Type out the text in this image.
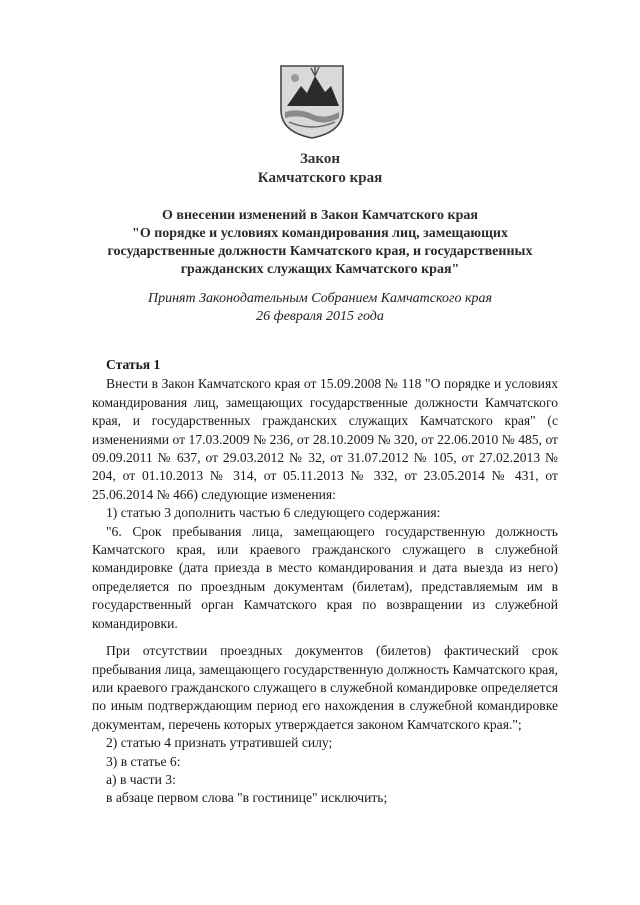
Закон
Камчатского края
О внесении изменений в Закон Камчатского края
"О порядке и условиях командирования лиц, замещающих
государственные должности Камчатского края, и государственных
гражданских служащих Камчатского края"
Принят Законодательным Собранием Камчатского края
26 февраля 2015 года
Статья 1

Внести в Закон Камчатского края от 15.09.2008 № 118 "О порядке и условиях командирования лиц, замещающих государственные должности Камчатского края, и государственных гражданских служащих Камчатского края" (с изменениями от 17.03.2009 № 236, от 28.10.2009 № 320, от 22.06.2010 № 485, от 09.09.2011 № 637, от 29.03.2012 № 32, от 31.07.2012 № 105, от 27.02.2013 № 204, от 01.10.2013 № 314, от 05.11.2013 № 332, от 23.05.2014 № 431, от 25.06.2014 № 466) следующие изменения:

1) статью 3 дополнить частью 6 следующего содержания:

"6. Срок пребывания лица, замещающего государственную должность Камчатского края, или краевого гражданского служащего в служебной командировке (дата приезда в место командирования и дата выезда из него) определяется по проездным документам (билетам), представляемым им в государственный орган Камчатского края по возвращении из служебной командировки.

При отсутствии проездных документов (билетов) фактический срок пребывания лица, замещающего государственную должность Камчатского края, или краевого гражданского служащего в служебной командировке определяется по иным подтверждающим период его нахождения в служебной командировке документам, перечень которых утверждается законом Камчатского края.";

2) статью 4 признать утратившей силу;

3) в статье 6:

а) в части 3:

в абзаце первом слова "в гостинице" исключить;
